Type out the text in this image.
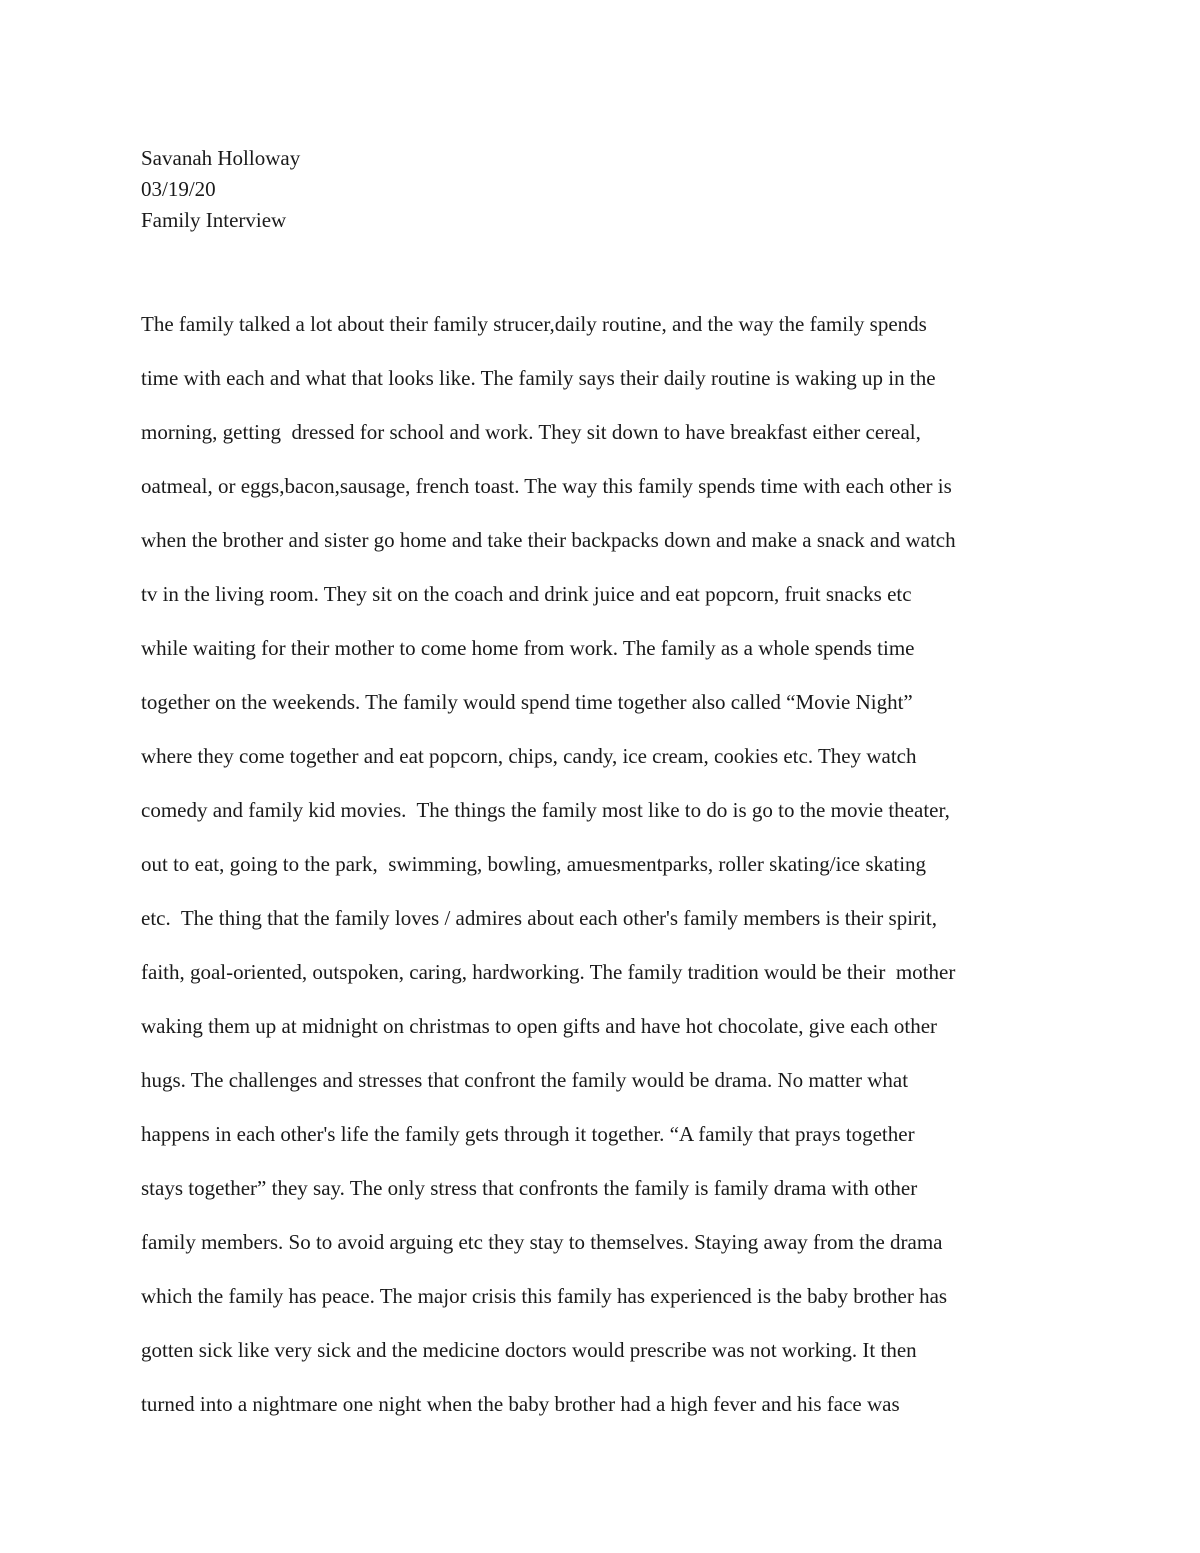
Savanah Holloway
03/19/20
Family Interview
The family talked a lot about their family strucer,daily routine, and the way the family spends
time with each and what that looks like. The family says their daily routine is waking up in the
morning, getting  dressed for school and work. They sit down to have breakfast either cereal,
oatmeal, or eggs,bacon,sausage, french toast. The way this family spends time with each other is
when the brother and sister go home and take their backpacks down and make a snack and watch
tv in the living room. They sit on the coach and drink juice and eat popcorn, fruit snacks etc
while waiting for their mother to come home from work. The family as a whole spends time
together on the weekends. The family would spend time together also called “Movie Night”
where they come together and eat popcorn, chips, candy, ice cream, cookies etc. They watch
comedy and family kid movies.  The things the family most like to do is go to the movie theater,
out to eat, going to the park,  swimming, bowling, amuesmentparks, roller skating/ice skating
etc.  The thing that the family loves / admires about each other's family members is their spirit,
faith, goal-oriented, outspoken, caring, hardworking. The family tradition would be their  mother
waking them up at midnight on christmas to open gifts and have hot chocolate, give each other
hugs. The challenges and stresses that confront the family would be drama. No matter what
happens in each other's life the family gets through it together. “A family that prays together
stays together” they say. The only stress that confronts the family is family drama with other
family members. So to avoid arguing etc they stay to themselves. Staying away from the drama
which the family has peace. The major crisis this family has experienced is the baby brother has
gotten sick like very sick and the medicine doctors would prescribe was not working. It then
turned into a nightmare one night when the baby brother had a high fever and his face was
